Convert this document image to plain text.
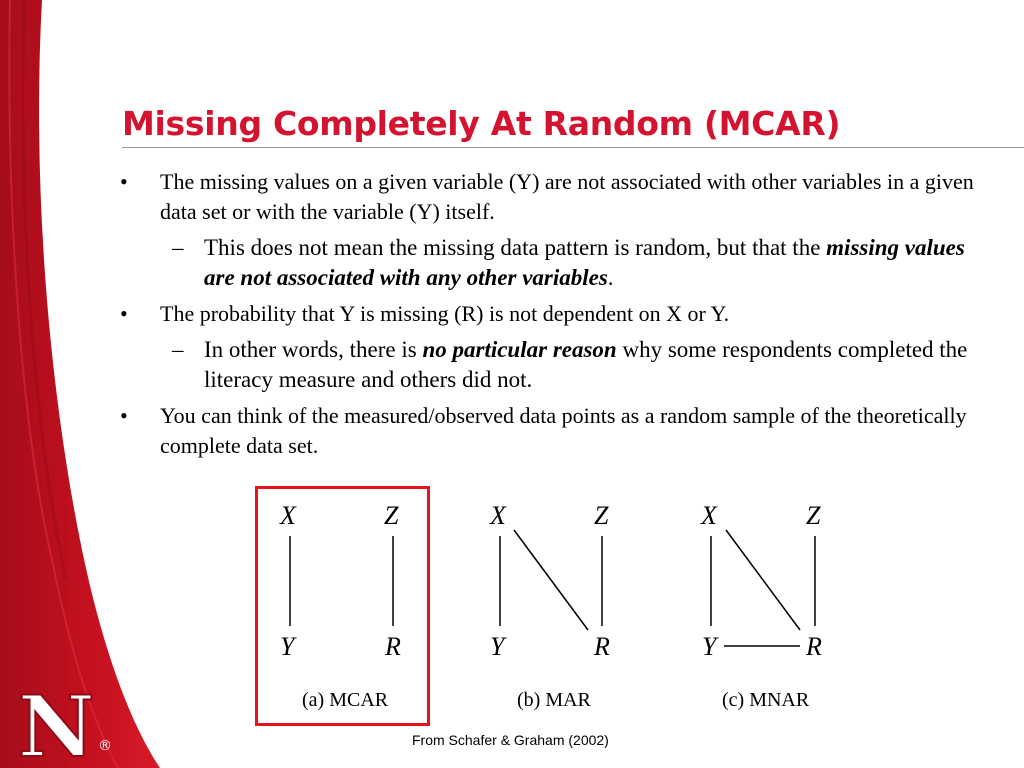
N ®
Missing Completely At Random (MCAR)
•	The missing values on a given variable (Y) are not associated with other variables in a given data set or with the variable (Y) itself.
– This does not mean the missing data pattern is random, but that the missing values are not associated with any other variables.
•	The probability that Y is missing (R) is not dependent on X or Y.
– In other words, there is no particular reason why some respondents completed the literacy measure and others did not.
•	You can think of the measured/observed data points as a random sample of the theoretically complete data set.
X	Z
Y	R
(a) MCAR
X	Z
Y	R
(b) MAR
X	Z
Y	R
(c) MNAR
From Schafer & Graham (2002)
